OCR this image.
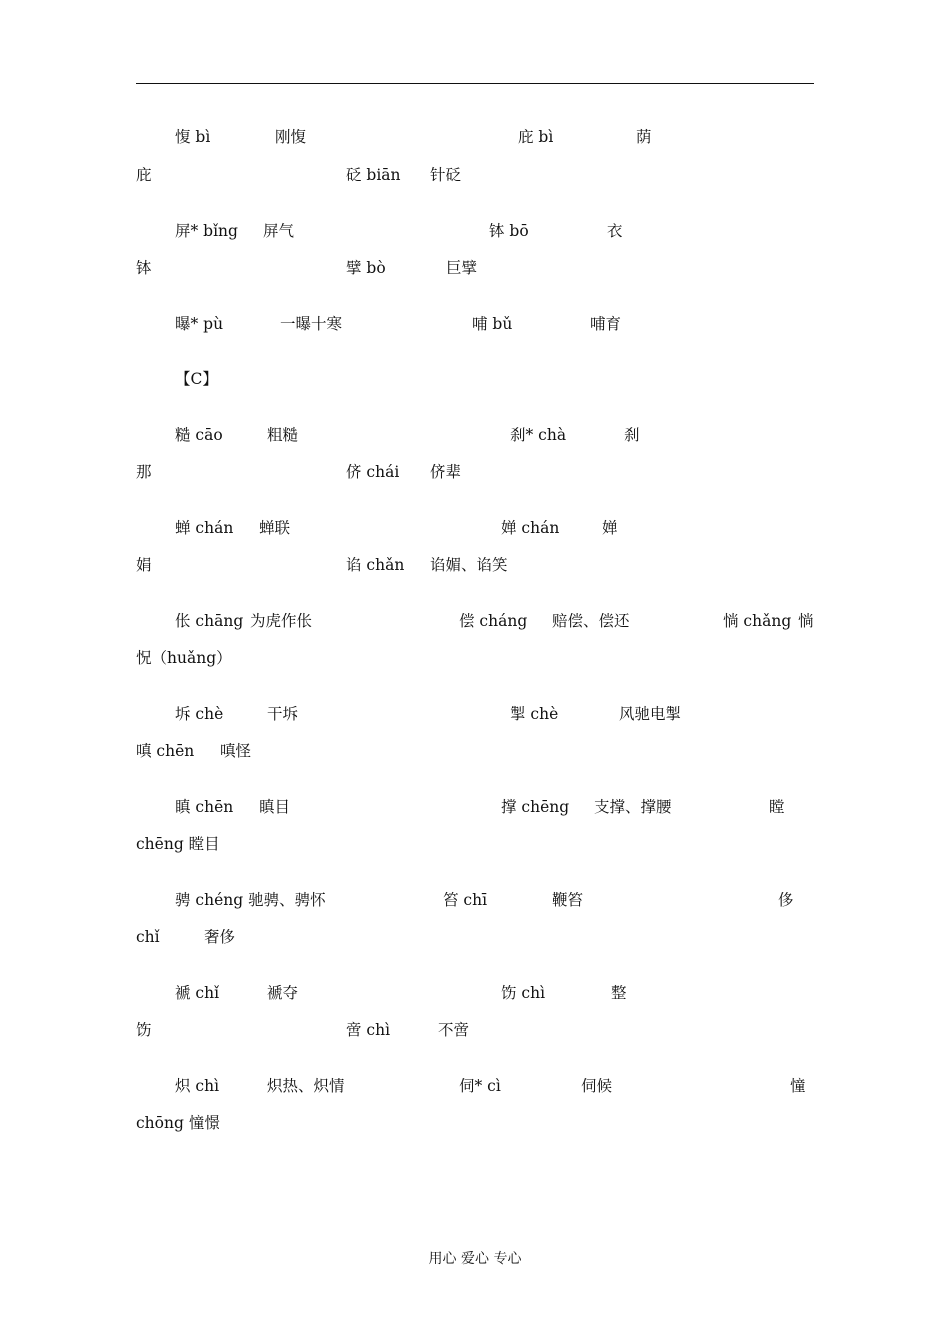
愎 bì	刚愎	庇 bì	荫
庇	砭 biān 针砭
屏* bǐng 屏气	钵 bō	衣
钵	擘 bò	巨擘
曝* pù	一曝十寒	哺 bǔ	哺育
【C】
糙 cāo	粗糙	刹* chà	刹
那	侪 chái 侪辈
蝉 chán 蝉联	婵 chán	婵
娟	谄 chǎn 谄媚、谄笑
伥 chāng 为虎作伥	偿 cháng 赔偿、偿还	惝 chǎng 惝
怳（huǎng）
坼 chè	干坼	掣 chè	风驰电掣
嗔 chēn 嗔怪
瞋 chēn 瞋目	撑 chēng 支撑、撑腰	瞠
chēng 瞠目
骋 chéng 驰骋、骋怀	笞 chī	鞭笞	侈
chǐ	奢侈
褫 chǐ	褫夺	饬 chì	整
饬	啻 chì	不啻
炽 chì	炽热、炽情	伺* cì	伺候	憧
chōng 憧憬
用心 爱心 专心
